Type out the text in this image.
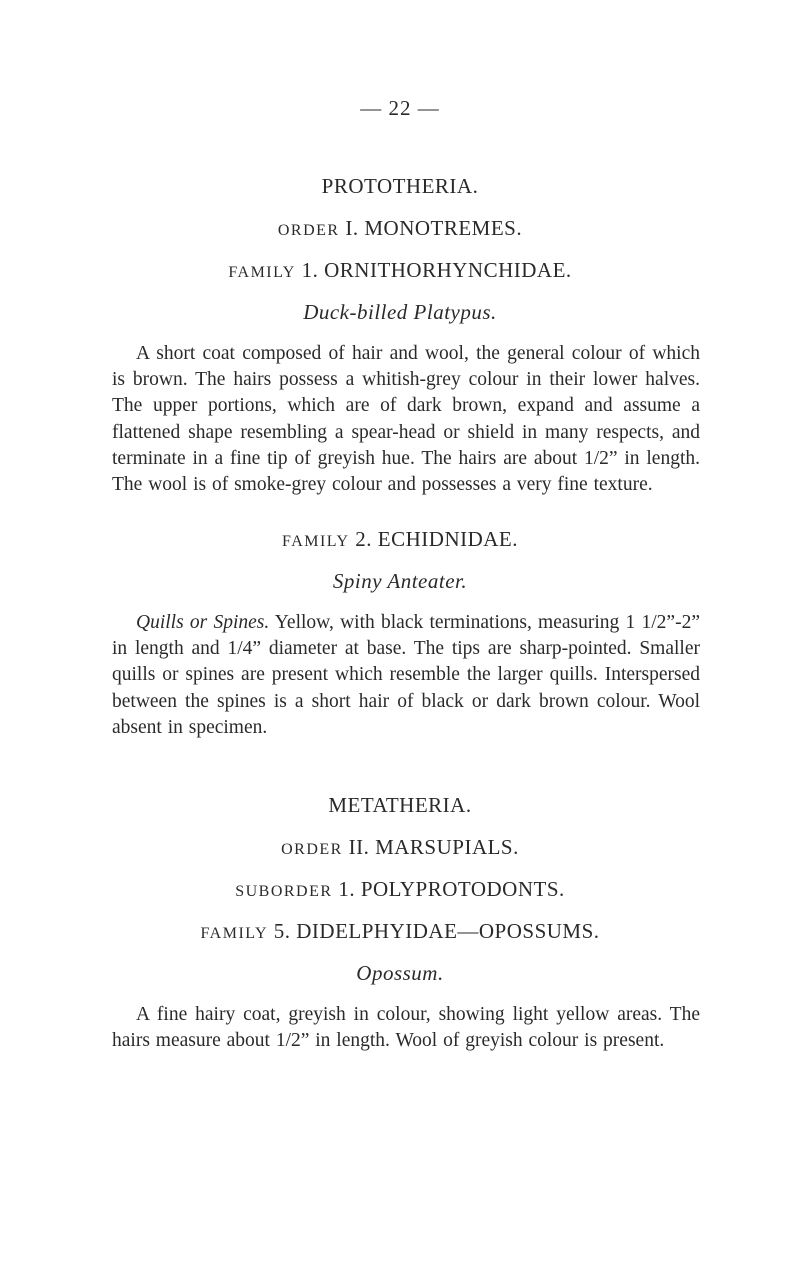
— 22 —
PROTOTHERIA.
ORDER I. MONOTREMES.
FAMILY 1. ORNITHORHYNCHIDAE.
Duck-billed Platypus.
A short coat composed of hair and wool, the general colour of which is brown. The hairs possess a whitish-grey colour in their lower halves. The upper portions, which are of dark brown, expand and assume a flattened shape resembling a spear-head or shield in many respects, and terminate in a fine tip of greyish hue. The hairs are about 1/2” in length. The wool is of smoke-grey colour and possesses a very fine texture.
FAMILY 2. ECHIDNIDAE.
Spiny Anteater.
Quills or Spines. Yellow, with black terminations, measuring 1 1/2”-2” in length and 1/4” diameter at base. The tips are sharp-pointed. Smaller quills or spines are present which resemble the larger quills. Interspersed between the spines is a short hair of black or dark brown colour. Wool absent in specimen.
METATHERIA.
ORDER II. MARSUPIALS.
SUBORDER 1. POLYPROTODONTS.
FAMILY 5. DIDELPHYIDAE—OPOSSUMS.
Opossum.
A fine hairy coat, greyish in colour, showing light yellow areas. The hairs measure about 1/2” in length. Wool of greyish colour is present.
